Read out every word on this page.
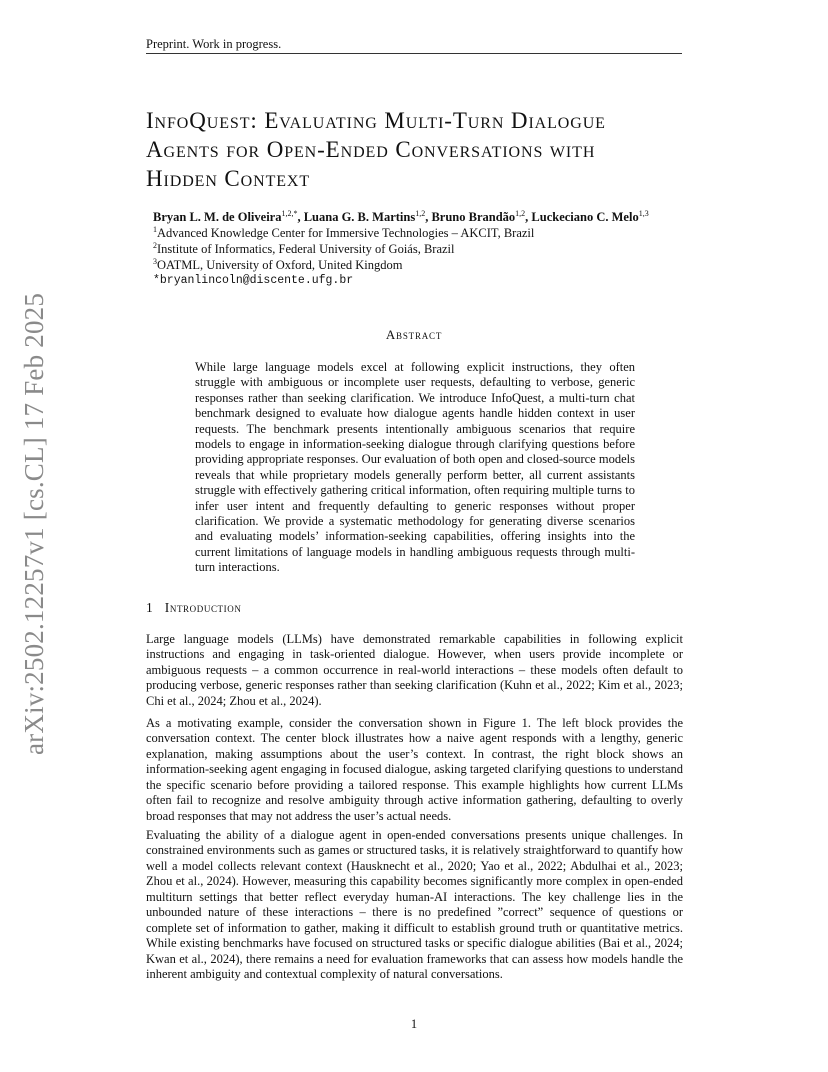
Preprint. Work in progress.
arXiv:2502.12257v1 [cs.CL] 17 Feb 2025
InfoQuest: Evaluating Multi-Turn Dialogue
Agents for Open-Ended Conversations with
Hidden Context
Bryan L. M. de Oliveira$^{1,2,*}$, Luana G. B. Martins$^{1,2}$, Bruno Brandão$^{1,2}$, Luckeciano C. Melo$^{1,3}$
$^1$Advanced Knowledge Center for Immersive Technologies – AKCIT, Brazil
$^2$Institute of Informatics, Federal University of Goiás, Brazil
$^3$OATML, University of Oxford, United Kingdom
*bryanlincoln@discente.ufg.br
Abstract

While large language models excel at following explicit instructions, they often struggle with ambiguous or incomplete user requests, defaulting to verbose, generic responses rather than seeking clarification. We introduce InfoQuest, a multi-turn chat benchmark designed to evaluate how dialogue agents handle hidden context in user requests. The benchmark presents intentionally ambiguous scenarios that require models to engage in information-seeking dialogue through clarifying questions before providing appropriate responses. Our evaluation of both open and closed-source models reveals that while proprietary models generally perform better, all current assistants struggle with effectively gathering critical information, often requiring multiple turns to infer user intent and frequently defaulting to generic responses without proper clarification. We provide a systematic methodology for generating diverse scenarios and evaluating models’ information-seeking capabilities, offering insights into the current limitations of language models in handling ambiguous requests through multi-turn interactions.

1 Introduction

Large language models (LLMs) have demonstrated remarkable capabilities in following explicit instructions and engaging in task-oriented dialogue. However, when users provide incomplete or ambiguous requests – a common occurrence in real-world interactions – these models often default to producing verbose, generic responses rather than seeking clarification (Kuhn et al., 2022; Kim et al., 2023; Chi et al., 2024; Zhou et al., 2024).

As a motivating example, consider the conversation shown in Figure 1. The left block provides the conversation context. The center block illustrates how a naive agent responds with a lengthy, generic explanation, making assumptions about the user’s context. In contrast, the right block shows an information-seeking agent engaging in focused dialogue, asking targeted clarifying questions to understand the specific scenario before providing a tailored response. This example highlights how current LLMs often fail to recognize and resolve ambiguity through active information gathering, defaulting to overly broad responses that may not address the user’s actual needs.

Evaluating the ability of a dialogue agent in open-ended conversations presents unique challenges. In constrained environments such as games or structured tasks, it is relatively straightforward to quantify how well a model collects relevant context (Hausknecht et al., 2020; Yao et al., 2022; Abdulhai et al., 2023; Zhou et al., 2024). However, measuring this capability becomes significantly more complex in open-ended multiturn settings that better reflect everyday human-AI interactions. The key challenge lies in the unbounded nature of these interactions – there is no predefined ”correct” sequence of questions or complete set of information to gather, making it difficult to establish ground truth or quantitative metrics. While existing benchmarks have focused on structured tasks or specific dialogue abilities (Bai et al., 2024; Kwan et al., 2024), there remains a need for evaluation frameworks that can assess how models handle the inherent ambiguity and contextual complexity of natural conversations.

1
